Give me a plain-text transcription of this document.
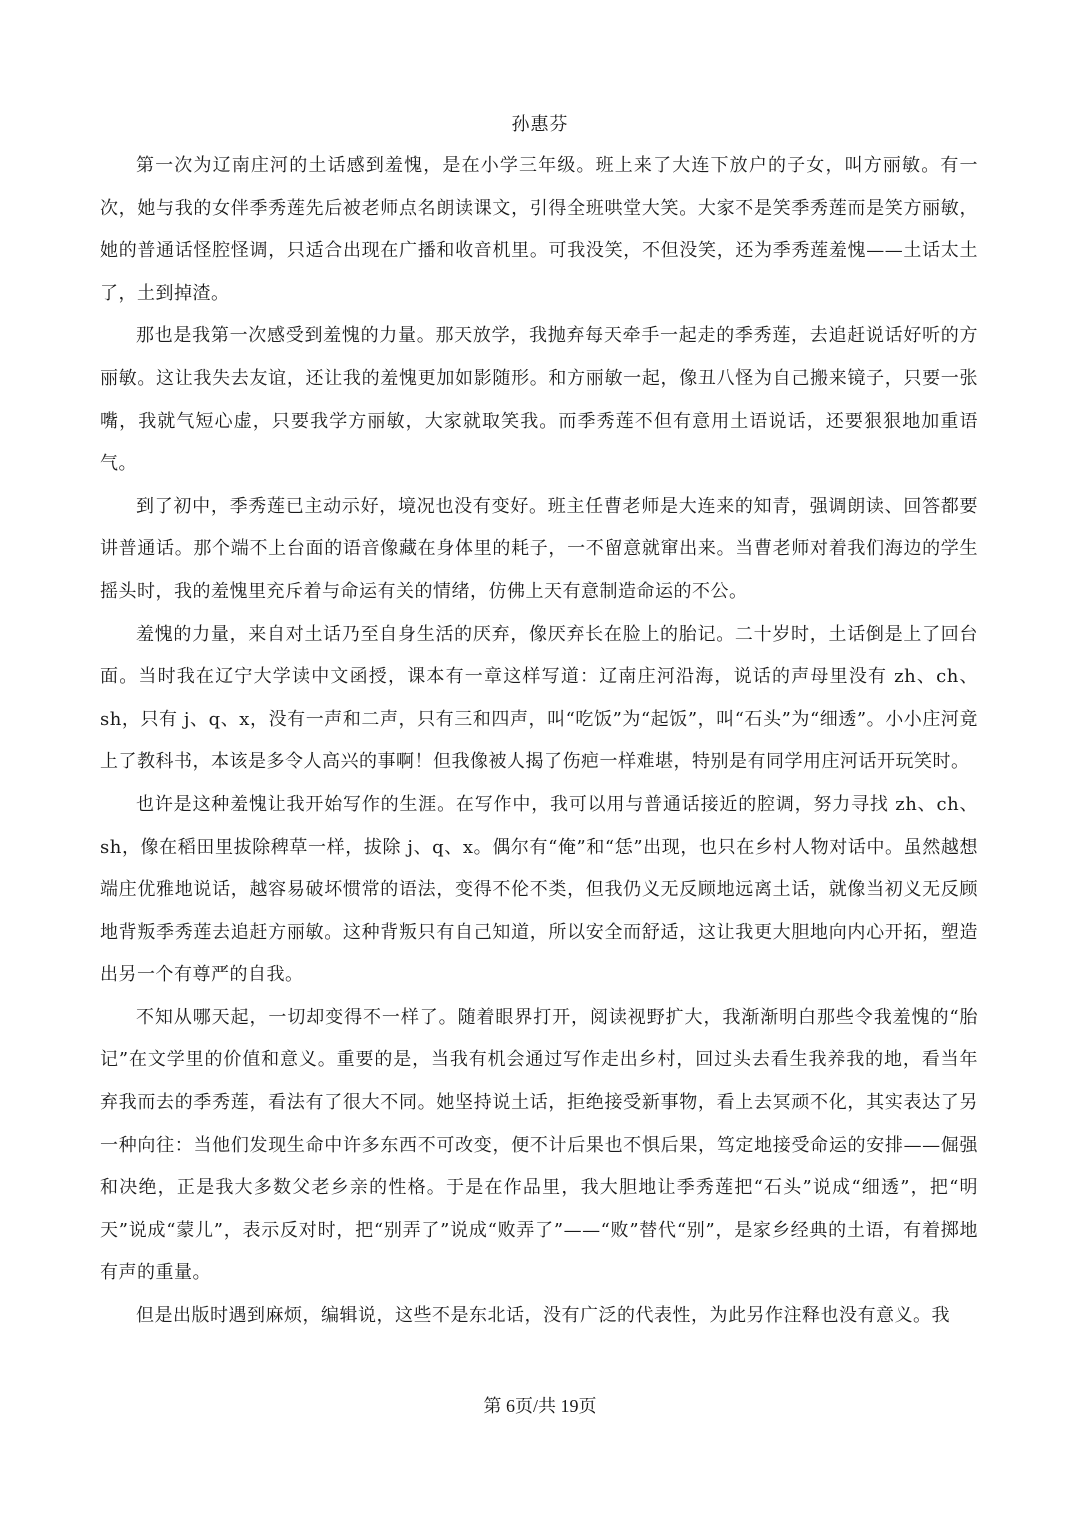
孙惠芬

第一次为辽南庄河的土话感到羞愧，是在小学三年级。班上来了大连下放户的子女，叫方丽敏。有一次，她与我的女伴季秀莲先后被老师点名朗读课文，引得全班哄堂大笑。大家不是笑季秀莲而是笑方丽敏，她的普通话怪腔怪调，只适合出现在广播和收音机里。可我没笑，不但没笑，还为季秀莲羞愧——土话太土了，土到掉渣。

那也是我第一次感受到羞愧的力量。那天放学，我抛弃每天牵手一起走的季秀莲，去追赶说话好听的方丽敏。这让我失去友谊，还让我的羞愧更加如影随形。和方丽敏一起，像丑八怪为自己搬来镜子，只要一张嘴，我就气短心虚，只要我学方丽敏，大家就取笑我。而季秀莲不但有意用土语说话，还要狠狠地加重语气。

到了初中，季秀莲已主动示好，境况也没有变好。班主任曹老师是大连来的知青，强调朗读、回答都要讲普通话。那个端不上台面的语音像藏在身体里的耗子，一不留意就窜出来。当曹老师对着我们海边的学生摇头时，我的羞愧里充斥着与命运有关的情绪，仿佛上天有意制造命运的不公。

羞愧的力量，来自对土话乃至自身生活的厌弃，像厌弃长在脸上的胎记。二十岁时，土话倒是上了回台面。当时我在辽宁大学读中文函授，课本有一章这样写道：辽南庄河沿海，说话的声母里没有 zh、ch、sh，只有 j、q、x，没有一声和二声，只有三和四声，叫“吃饭”为“起饭”，叫“石头”为“细透”。小小庄河竟上了教科书，本该是多令人高兴的事啊！但我像被人揭了伤疤一样难堪，特别是有同学用庄河话开玩笑时。

也许是这种羞愧让我开始写作的生涯。在写作中，我可以用与普通话接近的腔调，努力寻找 zh、ch、sh，像在稻田里拔除稗草一样，拔除 j、q、x。偶尔有“俺”和“恁”出现，也只在乡村人物对话中。虽然越想端庄优雅地说话，越容易破坏惯常的语法，变得不伦不类，但我仍义无反顾地远离土话，就像当初义无反顾地背叛季秀莲去追赶方丽敏。这种背叛只有自己知道，所以安全而舒适，这让我更大胆地向内心开拓，塑造出另一个有尊严的自我。

不知从哪天起，一切却变得不一样了。随着眼界打开，阅读视野扩大，我渐渐明白那些令我羞愧的“胎记”在文学里的价值和意义。重要的是，当我有机会通过写作走出乡村，回过头去看生我养我的地，看当年弃我而去的季秀莲，看法有了很大不同。她坚持说土话，拒绝接受新事物，看上去冥顽不化，其实表达了另一种向往：当他们发现生命中许多东西不可改变，便不计后果也不惧后果，笃定地接受命运的安排——倔强和决绝，正是我大多数父老乡亲的性格。于是在作品里，我大胆地让季秀莲把“石头”说成“细透”，把“明天”说成“蒙儿”，表示反对时，把“别弄了”说成“败弄了”——“败”替代“别”，是家乡经典的土语，有着掷地有声的重量。

但是出版时遇到麻烦，编辑说，这些不是东北话，没有广泛的代表性，为此另作注释也没有意义。我

第 6页/共 19页
